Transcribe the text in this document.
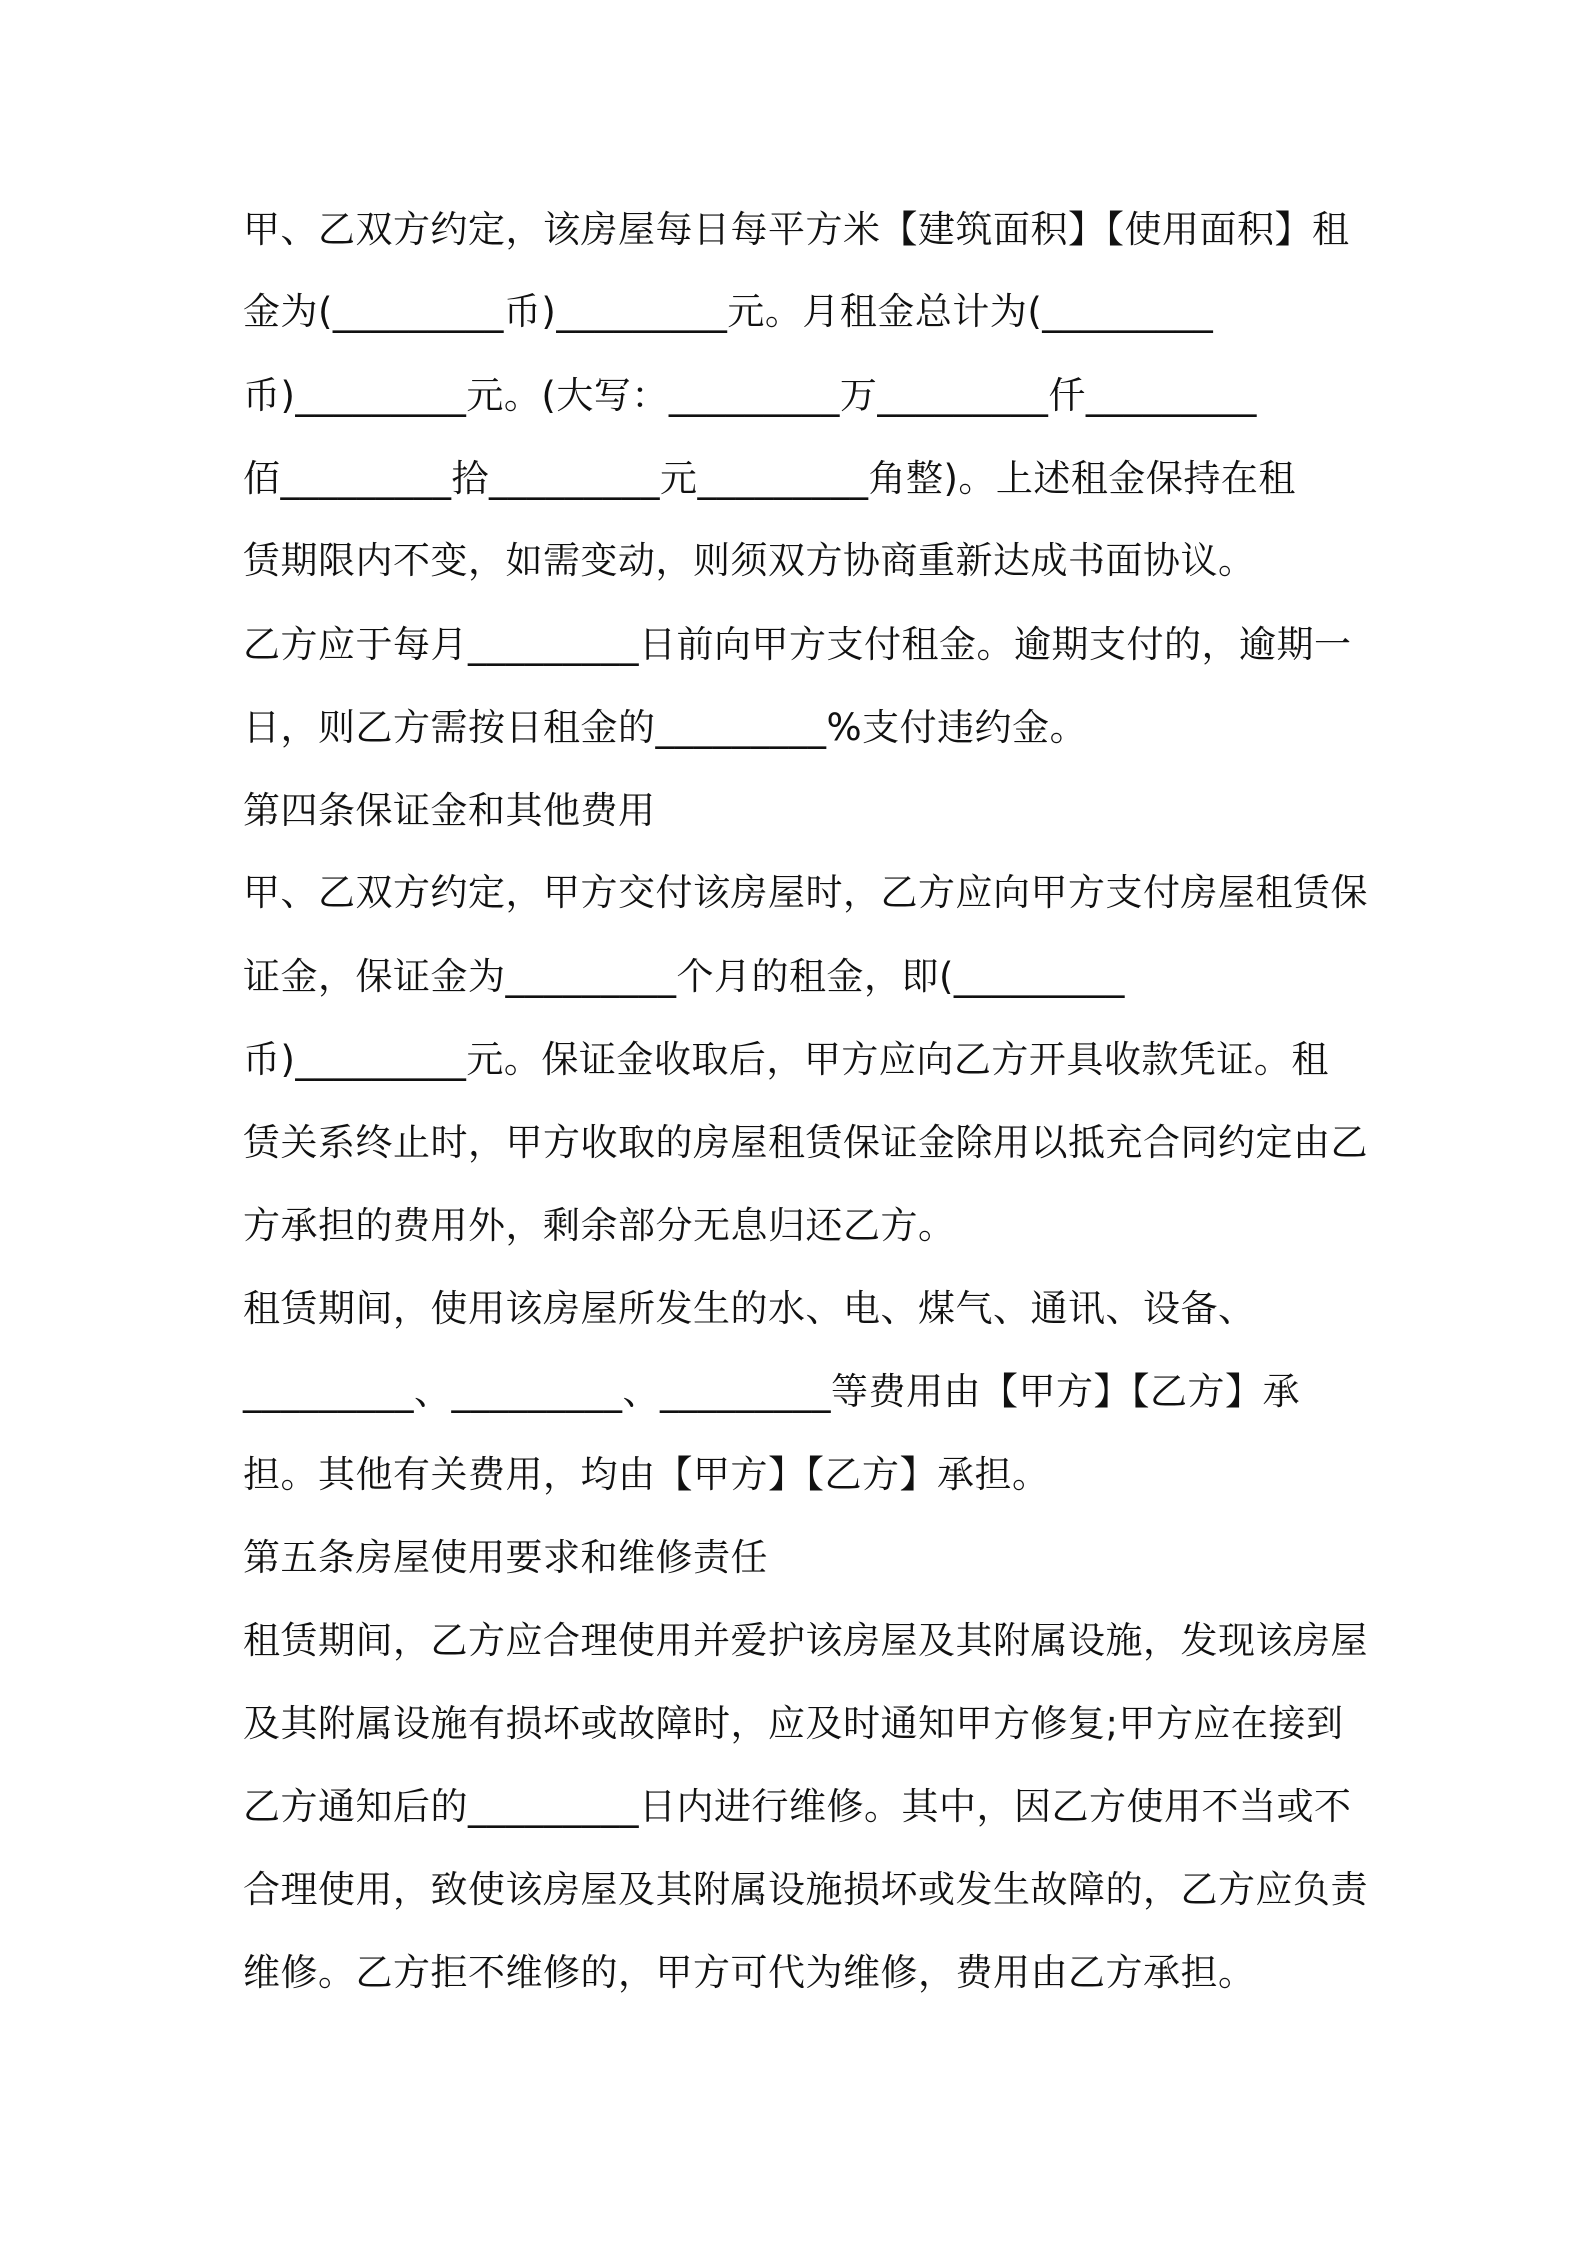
甲、乙双方约定，该房屋每日每平方米【建筑面积】【使用面积】租
金为(_________币)_________元。月租金总计为(_________
币)_________元。(大写：_________万_________仟_________
佰_________拾_________元_________角整)。上述租金保持在租
赁期限内不变，如需变动，则须双方协商重新达成书面协议。
乙方应于每月_________日前向甲方支付租金。逾期支付的，逾期一
日，则乙方需按日租金的_________%支付违约金。
第四条保证金和其他费用
甲、乙双方约定，甲方交付该房屋时，乙方应向甲方支付房屋租赁保
证金，保证金为_________个月的租金，即(_________
币)_________元。保证金收取后，甲方应向乙方开具收款凭证。租
赁关系终止时，甲方收取的房屋租赁保证金除用以抵充合同约定由乙
方承担的费用外，剩余部分无息归还乙方。
租赁期间，使用该房屋所发生的水、电、煤气、通讯、设备、
_________、_________、_________等费用由【甲方】【乙方】承
担。其他有关费用，均由【甲方】【乙方】承担。
第五条房屋使用要求和维修责任
租赁期间，乙方应合理使用并爱护该房屋及其附属设施，发现该房屋
及其附属设施有损坏或故障时，应及时通知甲方修复;甲方应在接到
乙方通知后的_________日内进行维修。其中，因乙方使用不当或不
合理使用，致使该房屋及其附属设施损坏或发生故障的，乙方应负责
维修。乙方拒不维修的，甲方可代为维修，费用由乙方承担。
